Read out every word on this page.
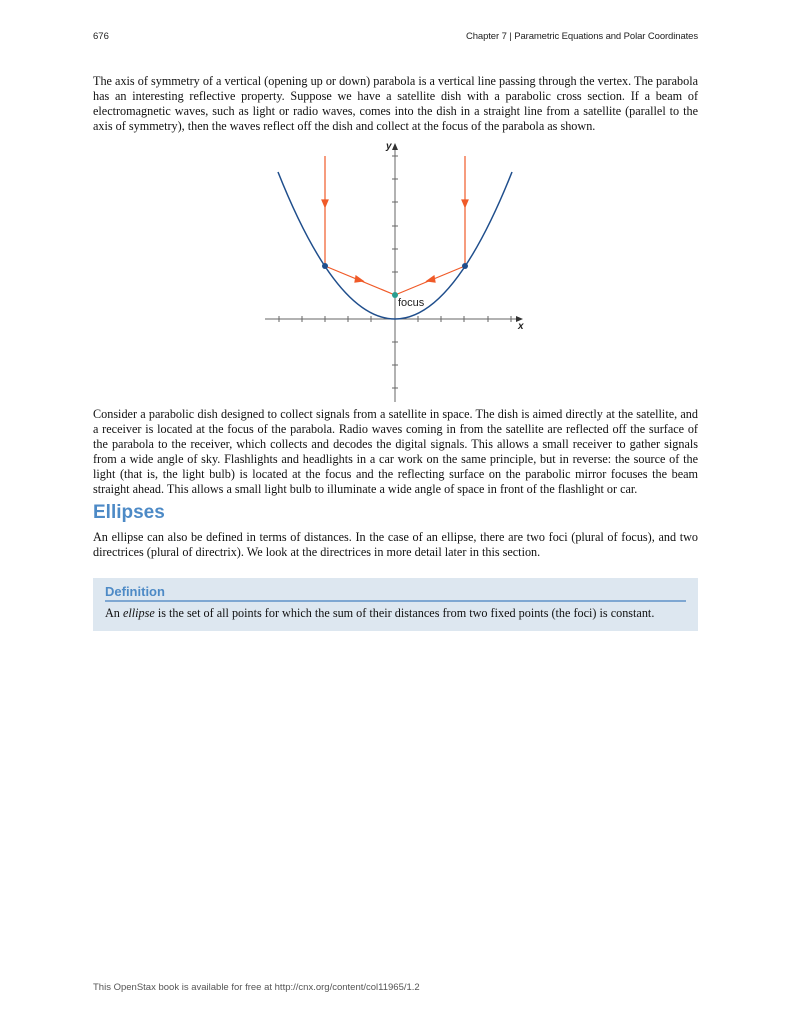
676	Chapter 7 | Parametric Equations and Polar Coordinates

The axis of symmetry of a vertical (opening up or down) parabola is a vertical line passing through the vertex. The parabola has an interesting reflective property. Suppose we have a satellite dish with a parabolic cross section. If a beam of electromagnetic waves, such as light or radio waves, comes into the dish in a straight line from a satellite (parallel to the axis of symmetry), then the waves reflect off the dish and collect at the focus of the parabola as shown.

y
x
focus

Consider a parabolic dish designed to collect signals from a satellite in space. The dish is aimed directly at the satellite, and a receiver is located at the focus of the parabola. Radio waves coming in from the satellite are reflected off the surface of the parabola to the receiver, which collects and decodes the digital signals. This allows a small receiver to gather signals from a wide angle of sky. Flashlights and headlights in a car work on the same principle, but in reverse: the source of the light (that is, the light bulb) is located at the focus and the reflecting surface on the parabolic mirror focuses the beam straight ahead. This allows a small light bulb to illuminate a wide angle of space in front of the flashlight or car.

Ellipses

An ellipse can also be defined in terms of distances. In the case of an ellipse, there are two foci (plural of focus), and two directrices (plural of directrix). We look at the directrices in more detail later in this section.

Definition
An ellipse is the set of all points for which the sum of their distances from two fixed points (the foci) is constant.
This OpenStax book is available for free at http://cnx.org/content/col11965/1.2
